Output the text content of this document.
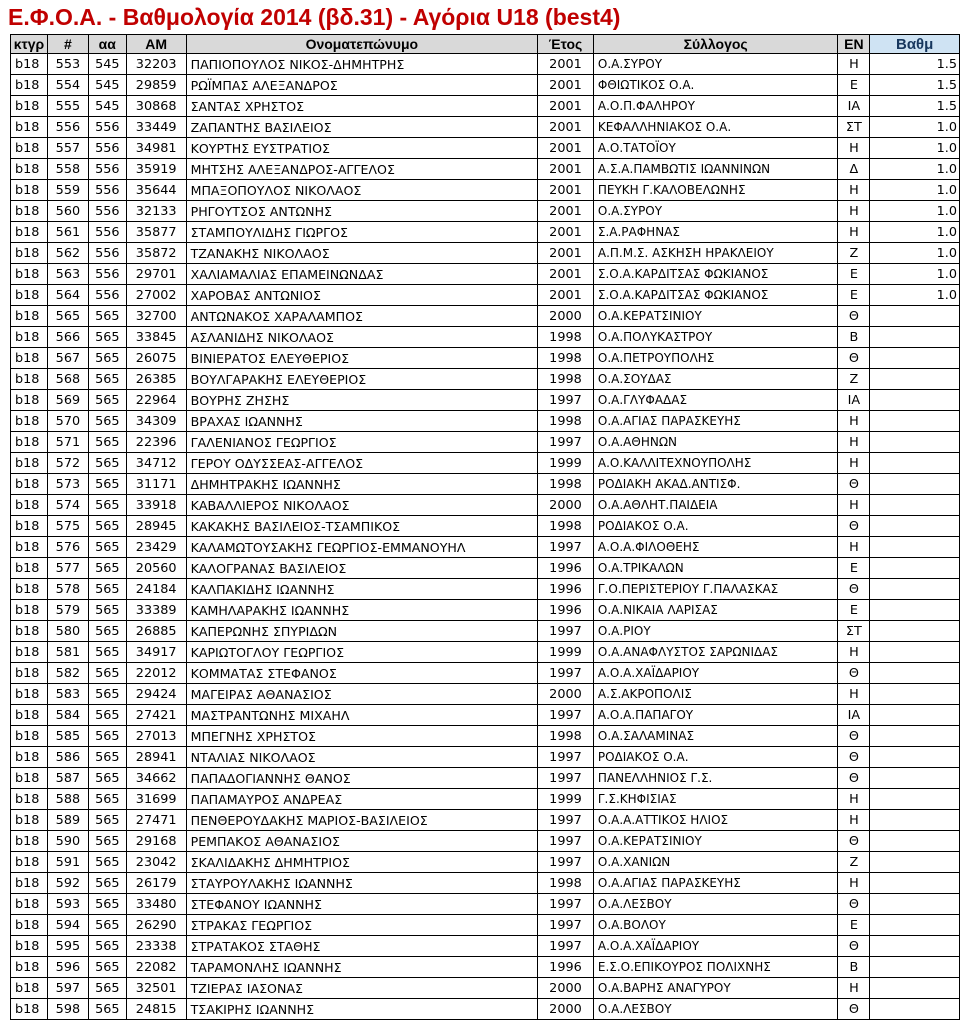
Ε.Φ.Ο.Α. - Βαθμολογία 2014 (βδ.31) - Αγόρια U18 (best4)
κτγρ	#	αα	ΑΜ	Ονοματεπώνυμο	Έτος	Σύλλογος	ΕΝ	Βαθμ
b18	553	545	32203	ΠΑΠΙΟΠΟΥΛΟΣ ΝΙΚΟΣ-ΔΗΜΗΤΡΗΣ	2001	Ο.Α.ΣΥΡΟΥ	Η	1.5
b18	554	545	29859	ΡΩΪΜΠΑΣ ΑΛΕΞΑΝΔΡΟΣ	2001	ΦΘΙΩΤΙΚΟΣ Ο.Α.	Ε	1.5
b18	555	545	30868	ΣΑΝΤΑΣ ΧΡΗΣΤΟΣ	2001	Α.Ο.Π.ΦΑΛΗΡΟΥ	ΙΑ	1.5
b18	556	556	33449	ΖΑΠΑΝΤΗΣ ΒΑΣΙΛΕΙΟΣ	2001	ΚΕΦΑΛΛΗΝΙΑΚΟΣ Ο.Α.	ΣΤ	1.0
b18	557	556	34981	ΚΟΥΡΤΗΣ ΕΥΣΤΡΑΤΙΟΣ	2001	Α.Ο.ΤΑΤΟΪΟΥ	Η	1.0
b18	558	556	35919	ΜΗΤΣΗΣ ΑΛΕΞΑΝΔΡΟΣ-ΑΓΓΕΛΟΣ	2001	Α.Σ.Α.ΠΑΜΒΩΤΙΣ ΙΩΑΝΝΙΝΩΝ	Δ	1.0
b18	559	556	35644	ΜΠΑΞΟΠΟΥΛΟΣ ΝΙΚΟΛΑΟΣ	2001	ΠΕΥΚΗ Γ.ΚΑΛΟΒΕΛΩΝΗΣ	Η	1.0
b18	560	556	32133	ΡΗΓΟΥΤΣΟΣ ΑΝΤΩΝΗΣ	2001	Ο.Α.ΣΥΡΟΥ	Η	1.0
b18	561	556	35877	ΣΤΑΜΠΟΥΛΙΔΗΣ ΓΙΩΡΓΟΣ	2001	Σ.Α.ΡΑΦΗΝΑΣ	Η	1.0
b18	562	556	35872	ΤΖΑΝΑΚΗΣ ΝΙΚΟΛΑΟΣ	2001	Α.Π.Μ.Σ. ΑΣΚΗΣΗ ΗΡΑΚΛΕΙΟΥ	Ζ	1.0
b18	563	556	29701	ΧΑΛΙΑΜΑΛΙΑΣ ΕΠΑΜΕΙΝΩΝΔΑΣ	2001	Σ.Ο.Α.ΚΑΡΔΙΤΣΑΣ ΦΩΚΙΑΝΟΣ	Ε	1.0
b18	564	556	27002	ΧΑΡΟΒΑΣ ΑΝΤΩΝΙΟΣ	2001	Σ.Ο.Α.ΚΑΡΔΙΤΣΑΣ ΦΩΚΙΑΝΟΣ	Ε	1.0
b18	565	565	32700	ΑΝΤΩΝΑΚΟΣ ΧΑΡΑΛΑΜΠΟΣ	2000	Ο.Α.ΚΕΡΑΤΣΙΝΙΟΥ	Θ	
b18	566	565	33845	ΑΣΛΑΝΙΔΗΣ ΝΙΚΟΛΑΟΣ	1998	Ο.Α.ΠΟΛΥΚΑΣΤΡΟΥ	Β	
b18	567	565	26075	ΒΙΝΙΕΡΑΤΟΣ ΕΛΕΥΘΕΡΙΟΣ	1998	Ο.Α.ΠΕΤΡΟΥΠΟΛΗΣ	Θ	
b18	568	565	26385	ΒΟΥΛΓΑΡΑΚΗΣ ΕΛΕΥΘΕΡΙΟΣ	1998	Ο.Α.ΣΟΥΔΑΣ	Ζ	
b18	569	565	22964	ΒΟΥΡΗΣ ΖΗΣΗΣ	1997	Ο.Α.ΓΛΥΦΑΔΑΣ	ΙΑ	
b18	570	565	34309	ΒΡΑΧΑΣ ΙΩΑΝΝΗΣ	1998	Ο.Α.ΑΓΙΑΣ ΠΑΡΑΣΚΕΥΗΣ	Η	
b18	571	565	22396	ΓΑΛΕΝΙΑΝΟΣ ΓΕΩΡΓΙΟΣ	1997	Ο.Α.ΑΘΗΝΩΝ	Η	
b18	572	565	34712	ΓΕΡΟΥ ΟΔΥΣΣΕΑΣ-ΑΓΓΕΛΟΣ	1999	Α.Ο.ΚΑΛΛΙΤΕΧΝΟΥΠΟΛΗΣ	Η	
b18	573	565	31171	ΔΗΜΗΤΡΑΚΗΣ ΙΩΑΝΝΗΣ	1998	ΡΟΔΙΑΚΗ ΑΚΑΔ.ΑΝΤΙΣΦ.	Θ	
b18	574	565	33918	ΚΑΒΑΛΛΙΕΡΟΣ ΝΙΚΟΛΑΟΣ	2000	Ο.Α.ΑΘΛΗΤ.ΠΑΙΔΕΙΑ	Η	
b18	575	565	28945	ΚΑΚΑΚΗΣ ΒΑΣΙΛΕΙΟΣ-ΤΣΑΜΠΙΚΟΣ	1998	ΡΟΔΙΑΚΟΣ Ο.Α.	Θ	
b18	576	565	23429	ΚΑΛΑΜΩΤΟΥΣΑΚΗΣ ΓΕΩΡΓΙΟΣ-ΕΜΜΑΝΟΥΗΛ	1997	Α.Ο.Α.ΦΙΛΟΘΕΗΣ	Η	
b18	577	565	20560	ΚΑΛΟΓΡΑΝΑΣ ΒΑΣΙΛΕΙΟΣ	1996	Ο.Α.ΤΡΙΚΑΛΩΝ	Ε	
b18	578	565	24184	ΚΑΛΠΑΚΙΔΗΣ ΙΩΑΝΝΗΣ	1996	Γ.Ο.ΠΕΡΙΣΤΕΡΙΟΥ Γ.ΠΑΛΑΣΚΑΣ	Θ	
b18	579	565	33389	ΚΑΜΗΛΑΡΑΚΗΣ ΙΩΑΝΝΗΣ	1996	Ο.Α.ΝΙΚΑΙΑ ΛΑΡΙΣΑΣ	Ε	
b18	580	565	26885	ΚΑΠΕΡΩΝΗΣ ΣΠΥΡΙΔΩΝ	1997	Ο.Α.ΡΙΟΥ	ΣΤ	
b18	581	565	34917	ΚΑΡΙΩΤΟΓΛΟΥ ΓΕΩΡΓΙΟΣ	1999	Ο.Α.ΑΝΑΦΛΥΣΤΟΣ ΣΑΡΩΝΙΔΑΣ	Η	
b18	582	565	22012	ΚΟΜΜΑΤΑΣ ΣΤΕΦΑΝΟΣ	1997	Α.Ο.Α.ΧΑΪΔΑΡΙΟΥ	Θ	
b18	583	565	29424	ΜΑΓΕΙΡΑΣ ΑΘΑΝΑΣΙΟΣ	2000	Α.Σ.ΑΚΡΟΠΟΛΙΣ	Η	
b18	584	565	27421	ΜΑΣΤΡΑΝΤΩΝΗΣ ΜΙΧΑΗΛ	1997	Α.Ο.Α.ΠΑΠΑΓΟΥ	ΙΑ	
b18	585	565	27013	ΜΠΕΓΝΗΣ ΧΡΗΣΤΟΣ	1998	Ο.Α.ΣΑΛΑΜΙΝΑΣ	Θ	
b18	586	565	28941	ΝΤΑΛΙΑΣ ΝΙΚΟΛΑΟΣ	1997	ΡΟΔΙΑΚΟΣ Ο.Α.	Θ	
b18	587	565	34662	ΠΑΠΑΔΟΓΙΑΝΝΗΣ ΘΑΝΟΣ	1997	ΠΑΝΕΛΛΗΝΙΟΣ Γ.Σ.	Θ	
b18	588	565	31699	ΠΑΠΑΜΑΥΡΟΣ ΑΝΔΡΕΑΣ	1999	Γ.Σ.ΚΗΦΙΣΙΑΣ	Η	
b18	589	565	27471	ΠΕΝΘΕΡΟΥΔΑΚΗΣ ΜΑΡΙΟΣ-ΒΑΣΙΛΕΙΟΣ	1997	Ο.Α.Α.ΑΤΤΙΚΟΣ ΗΛΙΟΣ	Η	
b18	590	565	29168	ΡΕΜΠΑΚΟΣ ΑΘΑΝΑΣΙΟΣ	1997	Ο.Α.ΚΕΡΑΤΣΙΝΙΟΥ	Θ	
b18	591	565	23042	ΣΚΑΛΙΔΑΚΗΣ ΔΗΜΗΤΡΙΟΣ	1997	Ο.Α.ΧΑΝΙΩΝ	Ζ	
b18	592	565	26179	ΣΤΑΥΡΟΥΛΑΚΗΣ ΙΩΑΝΝΗΣ	1998	Ο.Α.ΑΓΙΑΣ ΠΑΡΑΣΚΕΥΗΣ	Η	
b18	593	565	33480	ΣΤΕΦΑΝΟΥ ΙΩΑΝΝΗΣ	1997	Ο.Α.ΛΕΣΒΟΥ	Θ	
b18	594	565	26290	ΣΤΡΑΚΑΣ ΓΕΩΡΓΙΟΣ	1997	Ο.Α.ΒΟΛΟΥ	Ε	
b18	595	565	23338	ΣΤΡΑΤΑΚΟΣ ΣΤΑΘΗΣ	1997	Α.Ο.Α.ΧΑΪΔΑΡΙΟΥ	Θ	
b18	596	565	22082	ΤΑΡΑΜΟΝΛΗΣ ΙΩΑΝΝΗΣ	1996	Ε.Σ.Ο.ΕΠΙΚΟΥΡΟΣ ΠΟΛΙΧΝΗΣ	Β	
b18	597	565	32501	ΤΖΙΕΡΑΣ ΙΑΣΟΝΑΣ	2000	Ο.Α.ΒΑΡΗΣ ΑΝΑΓΥΡΟΥ	Η	
b18	598	565	24815	ΤΣΑΚΙΡΗΣ ΙΩΑΝΝΗΣ	2000	Ο.Α.ΛΕΣΒΟΥ	Θ	
